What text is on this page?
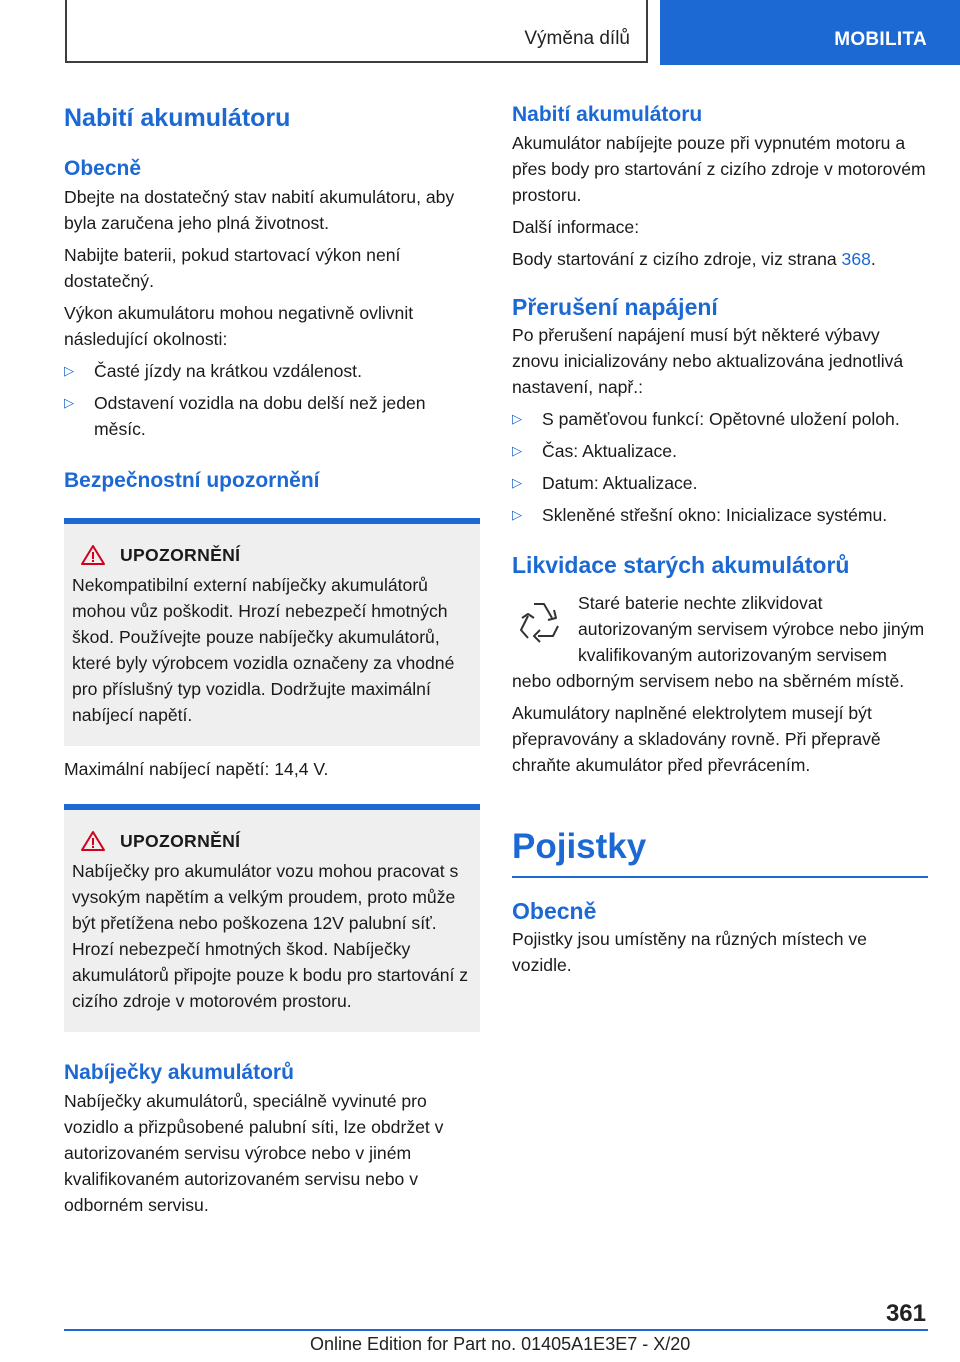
Výměna dílů	MOBILITA
Nabití akumulátoru
Obecně

Dbejte na dostatečný stav nabití akumulátoru, aby byla zaručena jeho plná životnost.

Nabijte baterii, pokud startovací výkon není dostatečný.

Výkon akumulátoru mohou negativně ovlivnit následující okolnosti:

▷ Časté jízdy na krátkou vzdálenost.
▷ Odstavení vozidla na dobu delší než jeden měsíc.
Bezpečnostní upozornění
UPOZORNĚNÍ

Nekompatibilní externí nabíječky akumulátorů mohou vůz poškodit. Hrozí nebezpečí hmotných škod. Používejte pouze nabíječky akumulátorů, které byly výrobcem vozidla označeny za vhodné pro příslušný typ vozidla. Dodržujte maximální nabíjecí napětí.

Maximální nabíjecí napětí: 14,4 V.

UPOZORNĚNÍ

Nabíječky pro akumulátor vozu mohou pracovat s vysokým napětím a velkým proudem, proto může být přetížena nebo poškozena 12V palubní síť. Hrozí nebezpečí hmotných škod. Nabíječky akumulátorů připojte pouze k bodu pro startování z cizího zdroje v motorovém prostoru.

Nabíječky akumulátorů

Nabíječky akumulátorů, speciálně vyvinuté pro vozidlo a přizpůsobené palubní síti, lze obdržet v autorizovaném servisu výrobce nebo v jiném kvalifikovaném autorizovaném servisu nebo v odborném servisu.

Nabití akumulátoru

Akumulátor nabíjejte pouze při vypnutém motoru a přes body pro startování z cizího zdroje v motorovém prostoru.

Další informace:

Body startování z cizího zdroje, viz strana 368.

Přerušení napájení

Po přerušení napájení musí být některé výbavy znovu inicializovány nebo aktualizována jednotlivá nastavení, např.:

▷ S paměťovou funkcí: Opětovné uložení poloh.
▷ Čas: Aktualizace.
▷ Datum: Aktualizace.
▷ Skleněné střešní okno: Inicializace systému.
Likvidace starých akumulátorů

Staré baterie nechte zlikvidovat autorizovaným servisem výrobce nebo jiným kvalifikovaným autorizovaným servisem nebo odborným servisem nebo na sběrném místě.

Akumulátory naplněné elektrolytem musejí být přepravovány a skladovány rovně. Při přepravě chraňte akumulátor před převrácením.

Pojistky
Obecně

Pojistky jsou umístěny na různých místech ve vozidle.

361
Online Edition for Part no. 01405A1E3E7 - X/20
